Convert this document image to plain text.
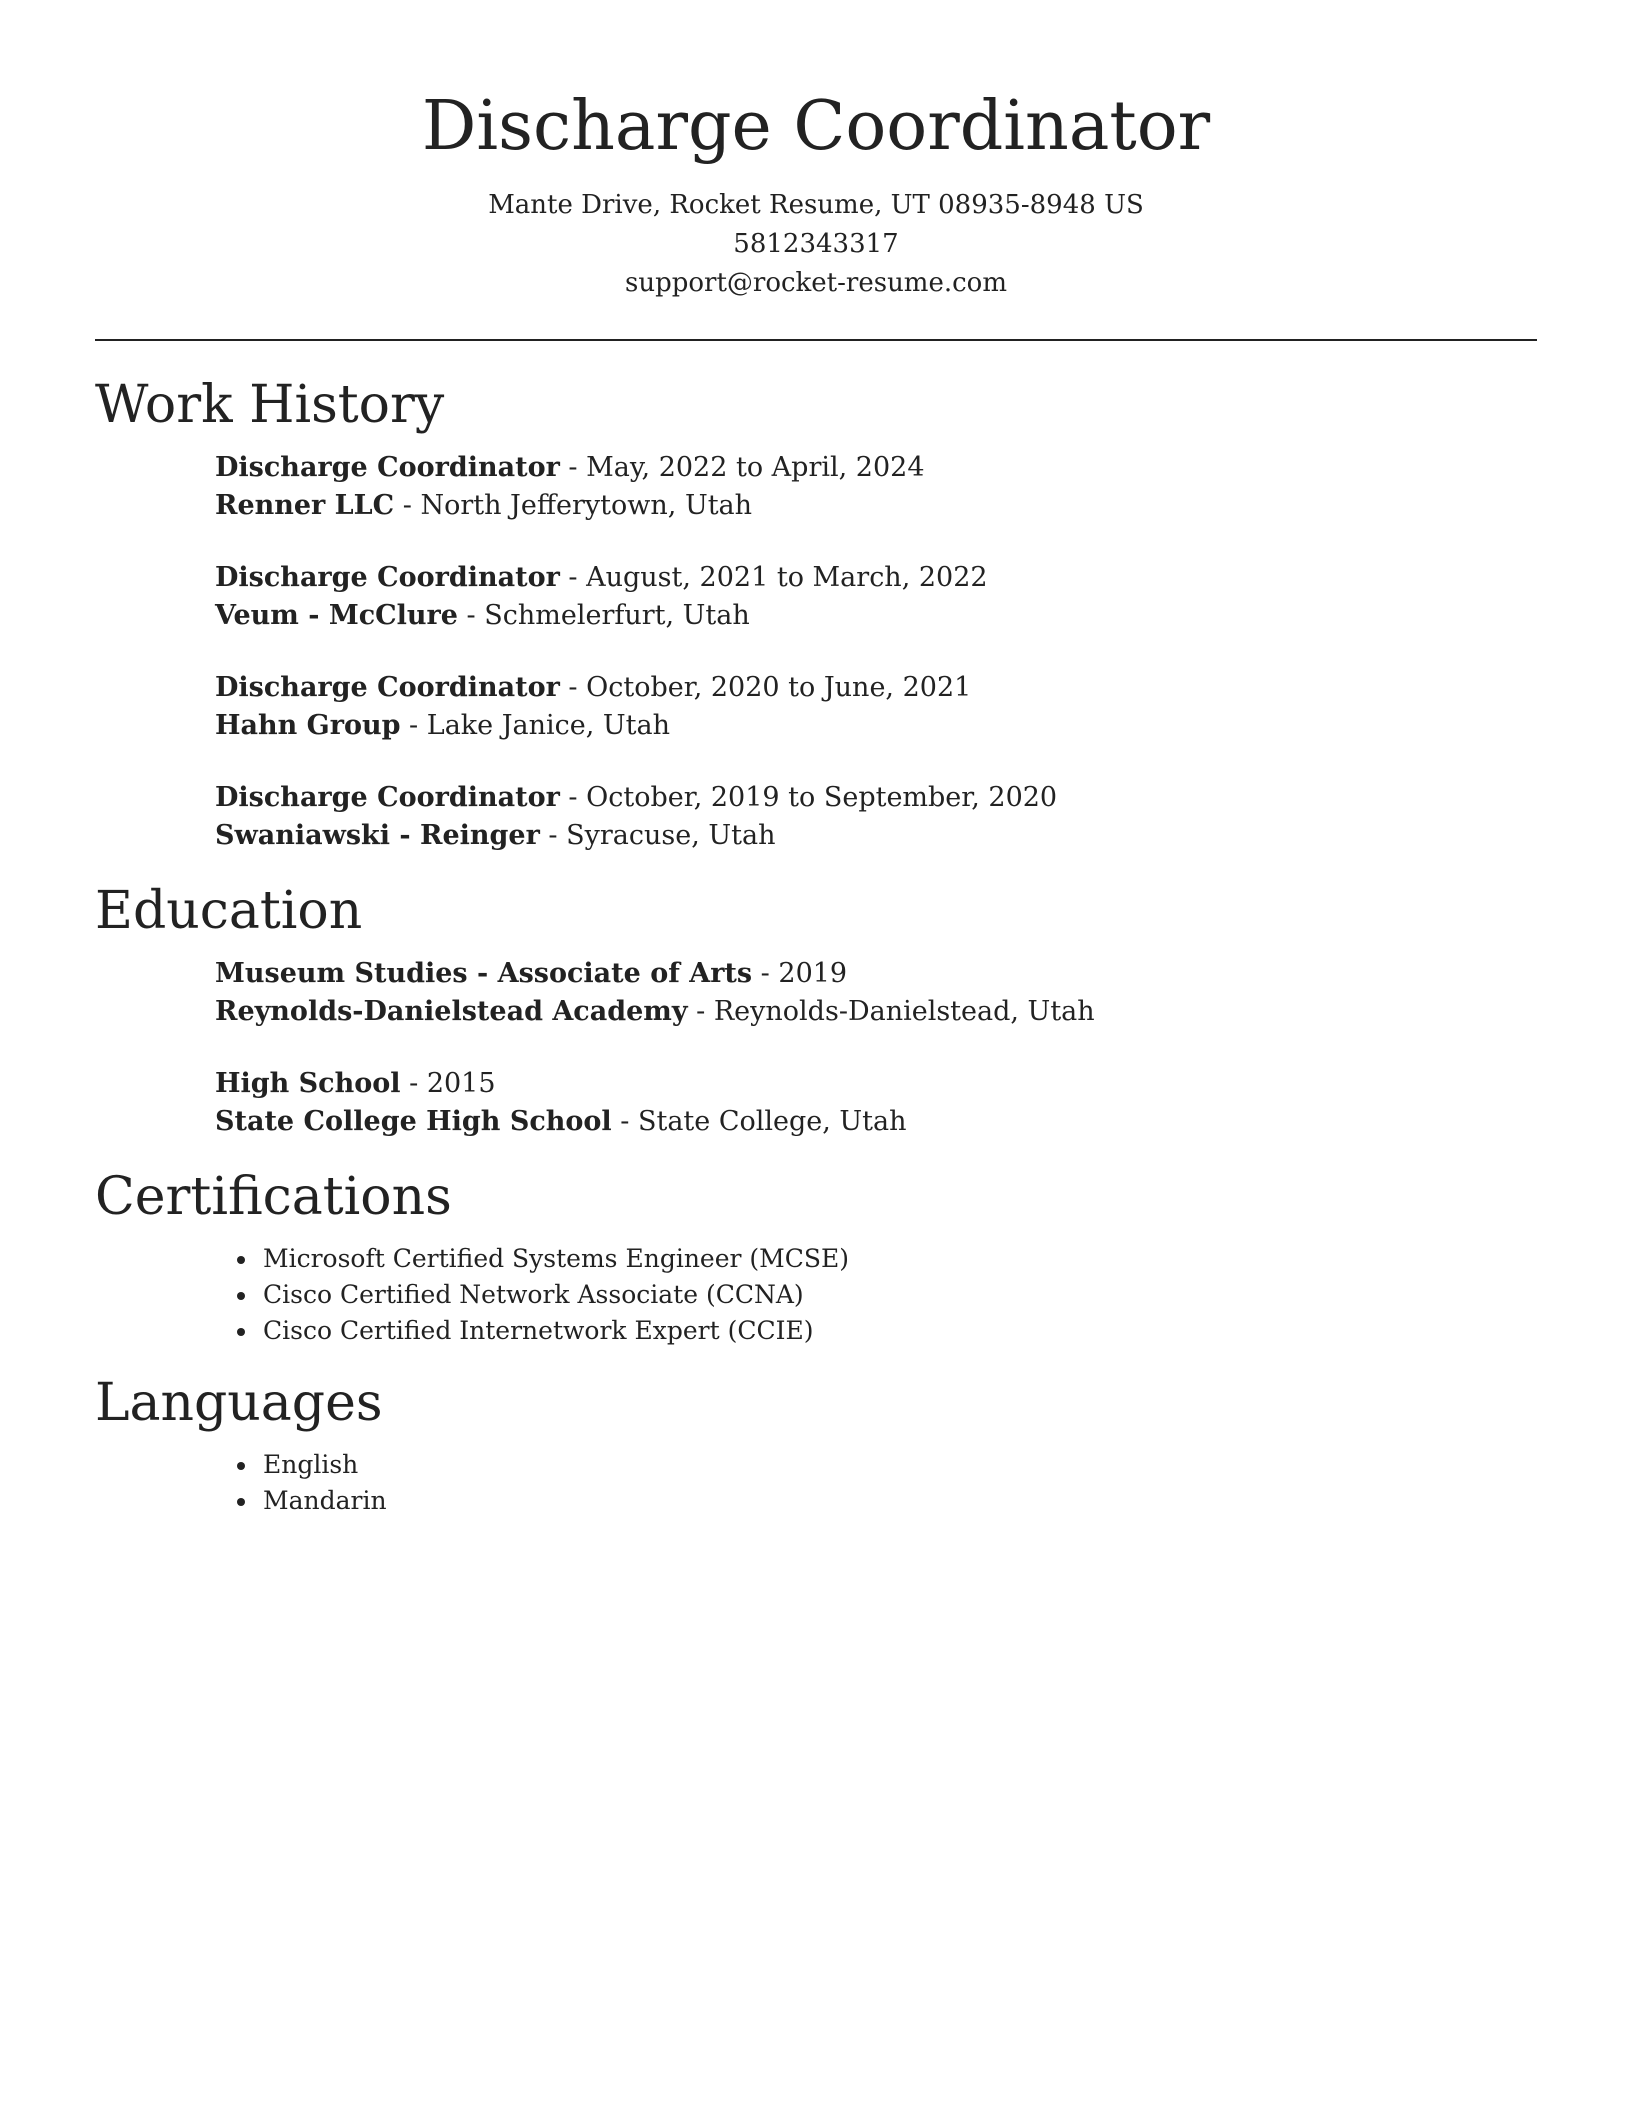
Discharge Coordinator

Mante Drive, Rocket Resume, UT 08935-8948 US

5812343317

support@rocket-resume.com

Work History

Discharge Coordinator - May, 2022 to April, 2024

Renner LLC - North Jefferytown, Utah

Discharge Coordinator - August, 2021 to March, 2022

Veum - McClure - Schmelerfurt, Utah

Discharge Coordinator - October, 2020 to June, 2021

Hahn Group - Lake Janice, Utah

Discharge Coordinator - October, 2019 to September, 2020

Swaniawski - Reinger - Syracuse, Utah

Education

Museum Studies - Associate of Arts - 2019

Reynolds-Danielstead Academy - Reynolds-Danielstead, Utah

High School - 2015

State College High School - State College, Utah

Certifications
• Microsoft Certified Systems Engineer (MCSE)
• Cisco Certified Network Associate (CCNA)
• Cisco Certified Internetwork Expert (CCIE)
Languages
• English
• Mandarin
